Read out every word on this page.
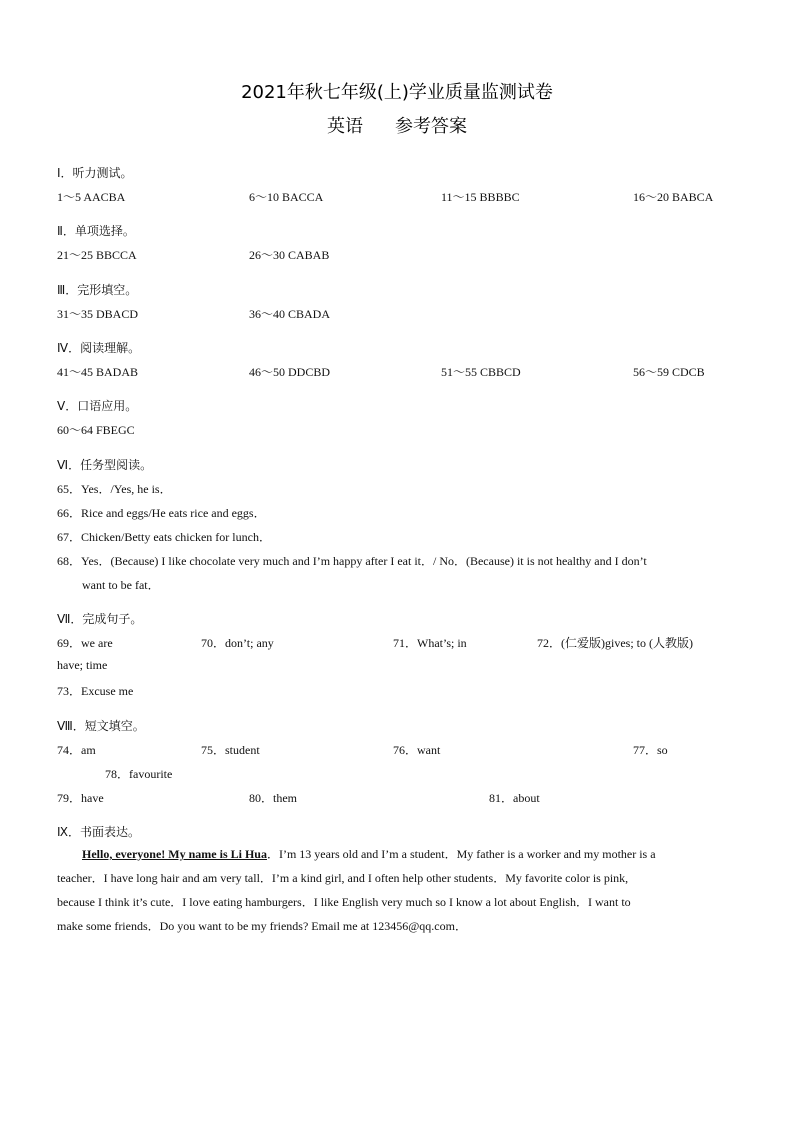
2021年秋七年级(上)学业质量监测试卷
英语 参考答案
Ⅰ．听力测试。
1～5 AACBA	6～10 BACCA	11～15 BBBBC	16～20 BABCA
Ⅱ．单项选择。
21～25 BBCCA	26～30 CABAB
Ⅲ．完形填空。
31～35 DBACD	36～40 CBADA
Ⅳ．阅读理解。
41～45 BADAB	46～50 DDCBD	51～55 CBBCD	56～59 CDCB
Ⅴ．口语应用。
60～64 FBEGC
Ⅵ．任务型阅读。
65．Yes．/Yes, he is．
66．Rice and eggs/He eats rice and eggs．
67．Chicken/Betty eats chicken for lunch．
68．Yes．(Because) I like chocolate very much and I’m happy after I eat it．/ No．(Because) it is not healthy and I don’t
want to be fat．
Ⅶ．完成句子。
69．we are	70．don’t; any	71．What’s; in	72．(仁爱版)gives; to (人教版)
have; time
73．Excuse me
Ⅷ．短文填空。
74．am	75．student	76．want	77．so
78．favourite
79．have	80．them	81．about
Ⅸ．书面表达。
Hello, everyone! My name is Li Hua．I’m 13 years old and I’m a student．My father is a worker and my mother is a
teacher．I have long hair and am very tall．I’m a kind girl, and I often help other students．My favorite color is pink,
because I think it’s cute．I love eating hamburgers．I like English very much so I know a lot about English．I want to
make some friends．Do you want to be my friends? Email me at 123456@qq.com．
